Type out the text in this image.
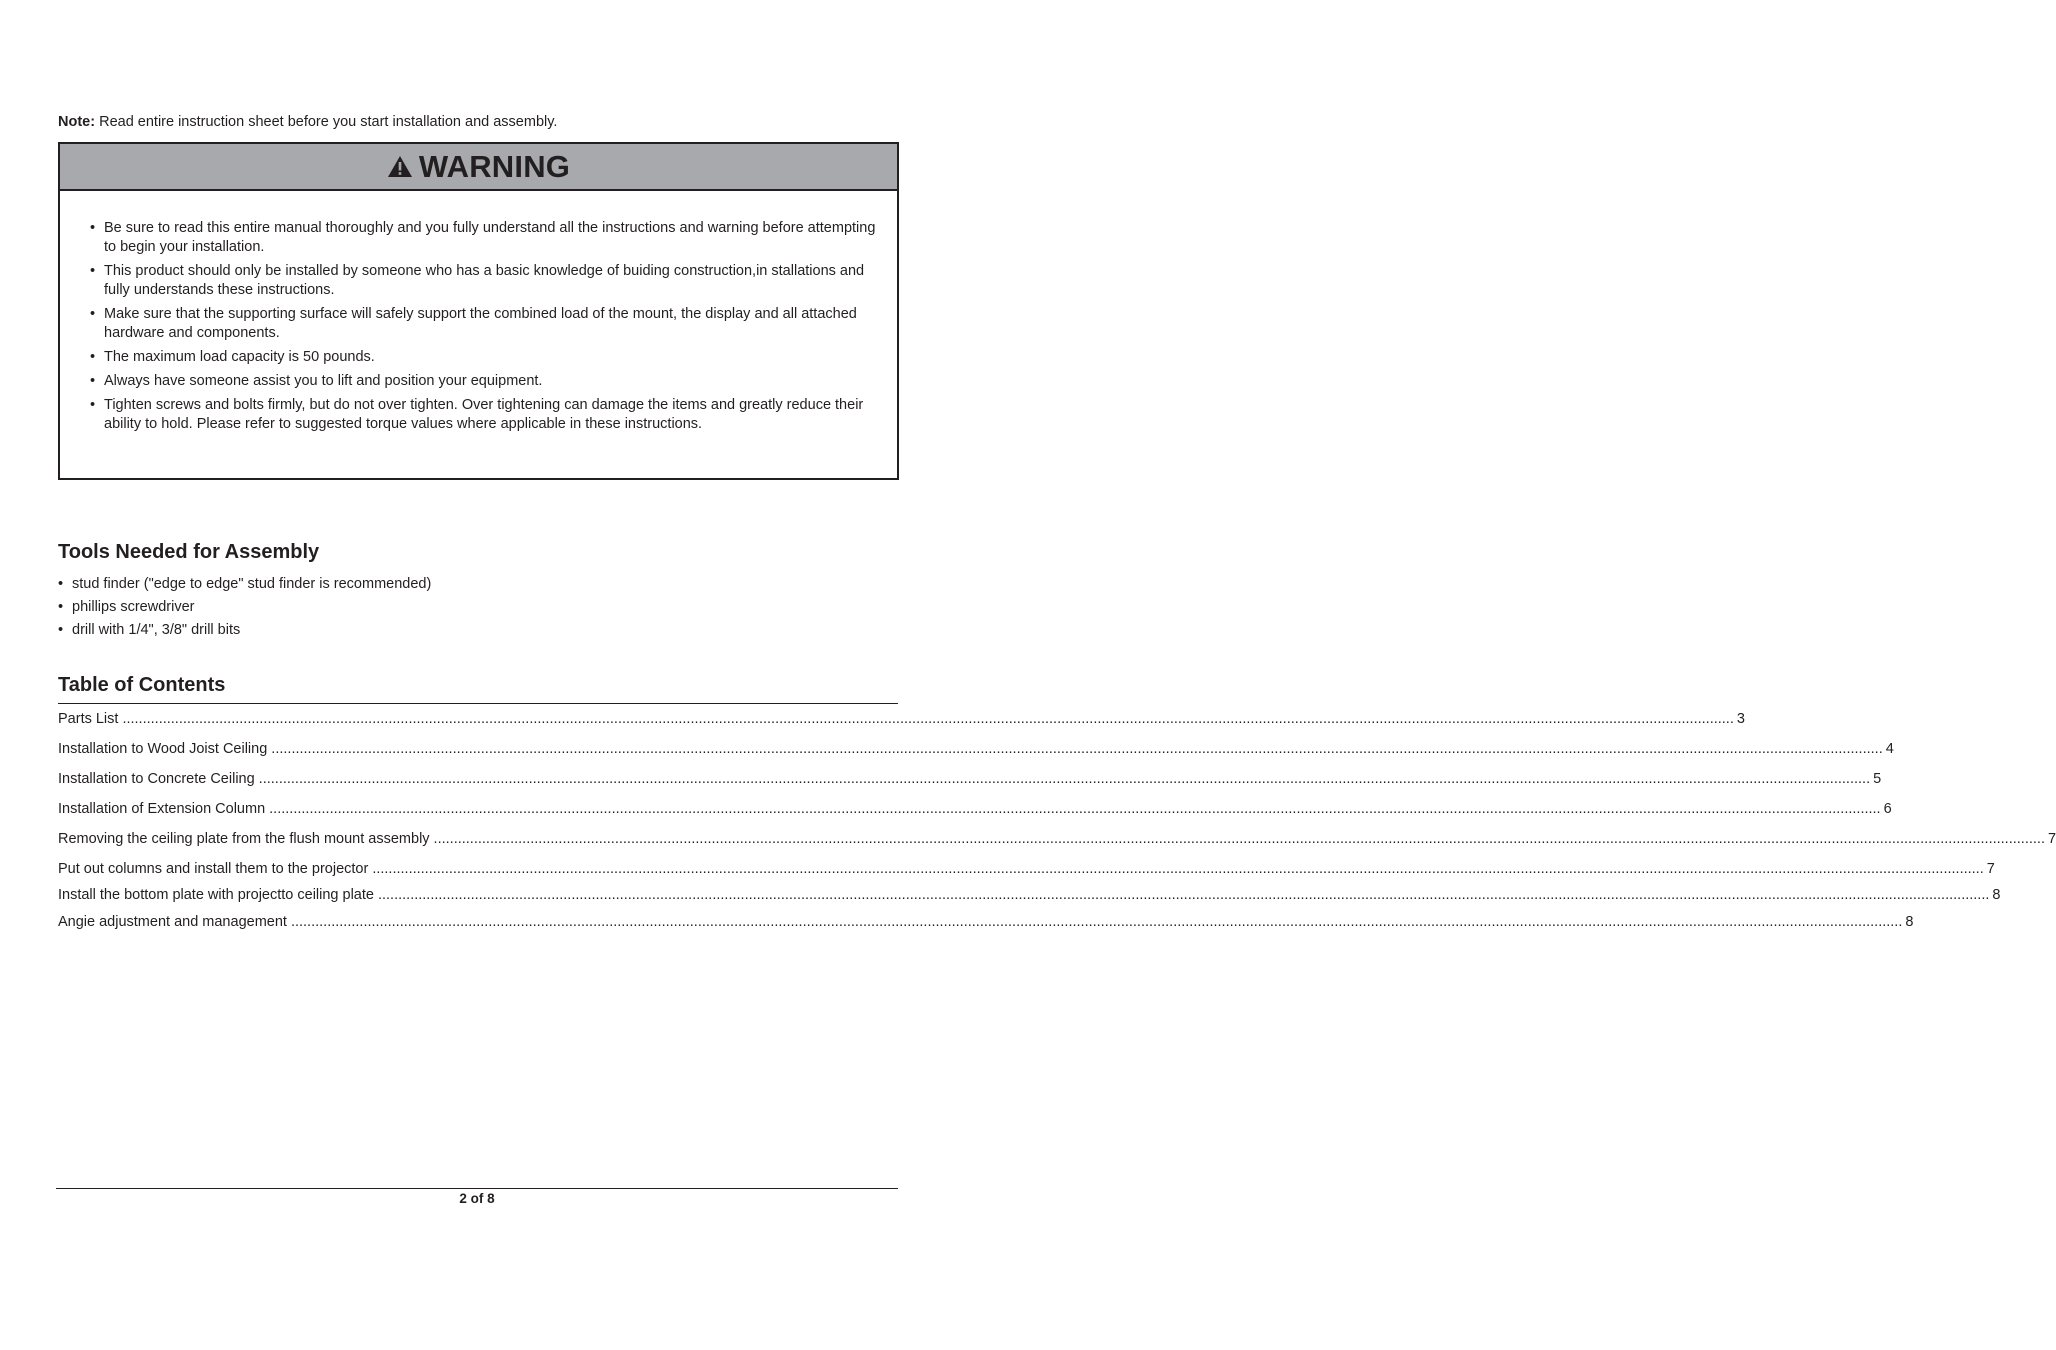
Note: Read entire instruction sheet before you start installation and assembly.
WARNING
• Be sure to read this entire manual thoroughly and you fully understand all the instructions and warning before attempting to begin your installation.
• This product should only be installed by someone who has a basic knowledge of buiding construction,in stallations and fully understands these instructions.
• Make sure that the supporting surface will safely support the combined load of the mount, the display and all attached hardware and components.
• The maximum load capacity is 50 pounds.
• Always have someone assist you to lift and position your equipment.
• Tighten screws and bolts firmly, but do not over tighten. Over tightening can damage the items and greatly reduce their ability to hold. Please refer to suggested torque values where applicable in these instructions.
Tools Needed for Assembly
• stud finder ("edge to edge" stud finder is recommended)
• phillips screwdriver
• drill with 1/4", 3/8" drill bits
Table of Contents
Parts List ................................................................................................................................................................................................................................................................................................................................................................................................................ 3
Installation to Wood Joist Ceiling ................................................................................................................................................................................................................................................................................................................................................................................................................ 4
Installation to Concrete Ceiling ................................................................................................................................................................................................................................................................................................................................................................................................................ 5
Installation of Extension Column ................................................................................................................................................................................................................................................................................................................................................................................................................ 6
Removing the ceiling plate from the flush mount assembly ................................................................................................................................................................................................................................................................................................................................................................................................................ 7
Put out columns and install them to the projector ................................................................................................................................................................................................................................................................................................................................................................................................................ 7
Install the bottom plate with projectto ceiling plate ................................................................................................................................................................................................................................................................................................................................................................................................................ 8
Angie adjustment and management ................................................................................................................................................................................................................................................................................................................................................................................................................ 8
2 of 8
